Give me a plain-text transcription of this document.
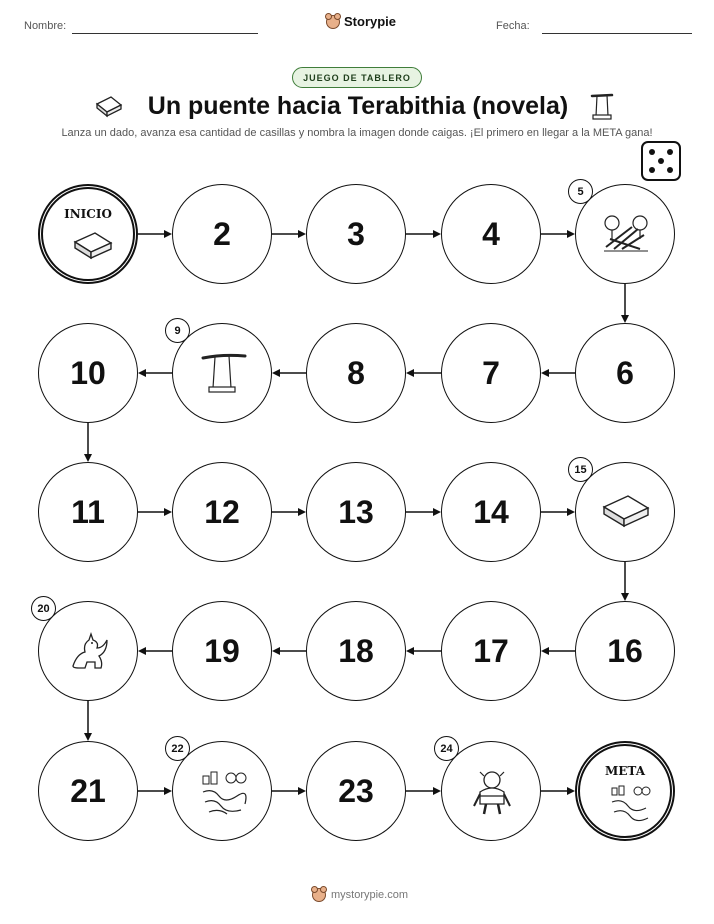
Nombre:	Storypie	Fecha:
JUEGO DE TABLERO
Un puente hacia Terabithia (novela)
Lanza un dado, avanza esa cantidad de casillas y nombra la imagen donde caigas. ¡El primero en llegar a la META gana!
INICIO
2	3	4
5
10
9
8	7	6
11	12	13	14
15
20
19	18	17	16
21
22
23
24
META
mystorypie.com
